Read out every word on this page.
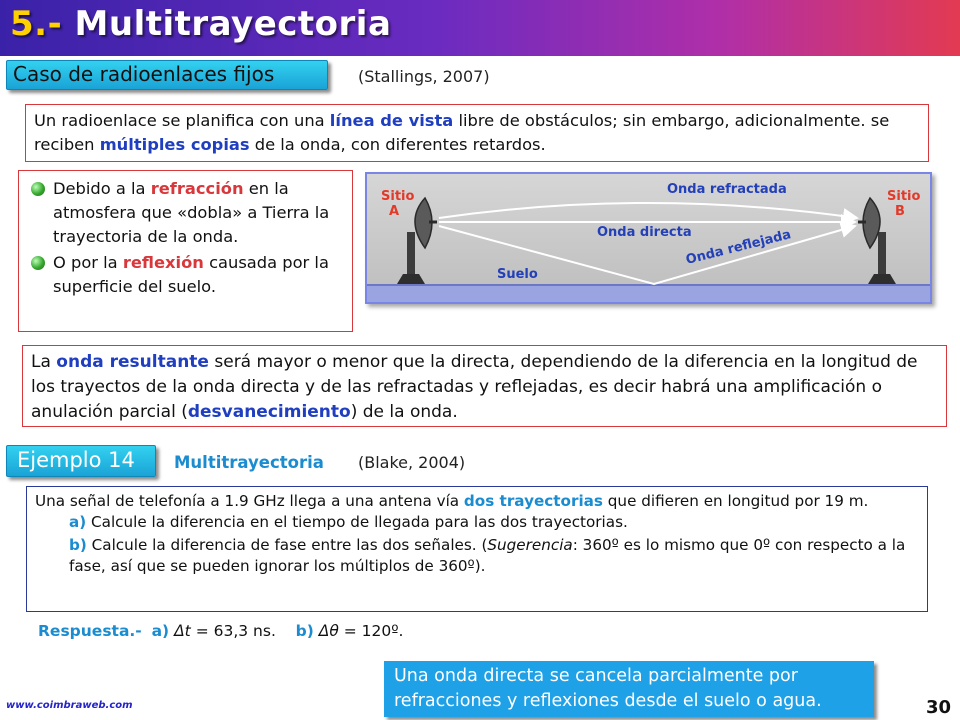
5.- Multitrayectoria
Caso de radioenlaces fijos	(Stallings, 2007)
Un radioenlace se planifica con una línea de vista libre de obstáculos; sin embargo, adicionalmente. se reciben múltiples copias de la onda, con diferentes retardos.
Debido a la refracción en la atmosfera que «dobla» a Tierra la trayectoria de la onda.
O por la reflexión causada por la superficie del suelo.
Sitio
A
Sitio
B
Onda refractada
Onda directa
Onda reflejada
Suelo
La onda resultante será mayor o menor que la directa, dependiendo de la diferencia en la longitud de los trayectos de la onda directa y de las refractadas y reflejadas, es decir habrá una amplificación o anulación parcial (desvanecimiento) de la onda.
Ejemplo 14	Multitrayectoria (Blake, 2004)
Una señal de telefonía a 1.9 GHz llega a una antena vía dos trayectorias que difieren en longitud por 19 m.
a) Calcule la diferencia en el tiempo de llegada para las dos trayectorias.
b) Calcule la diferencia de fase entre las dos señales. (Sugerencia: 360º es lo mismo que 0º con respecto a la fase, así que se pueden ignorar los múltiplos de 360º).
Respuesta.- a) Δt = 63,3 ns. b) Δθ = 120º.
Una onda directa se cancela parcialmente por refracciones y reflexiones desde el suelo o agua.
www.coimbraweb.com	30
